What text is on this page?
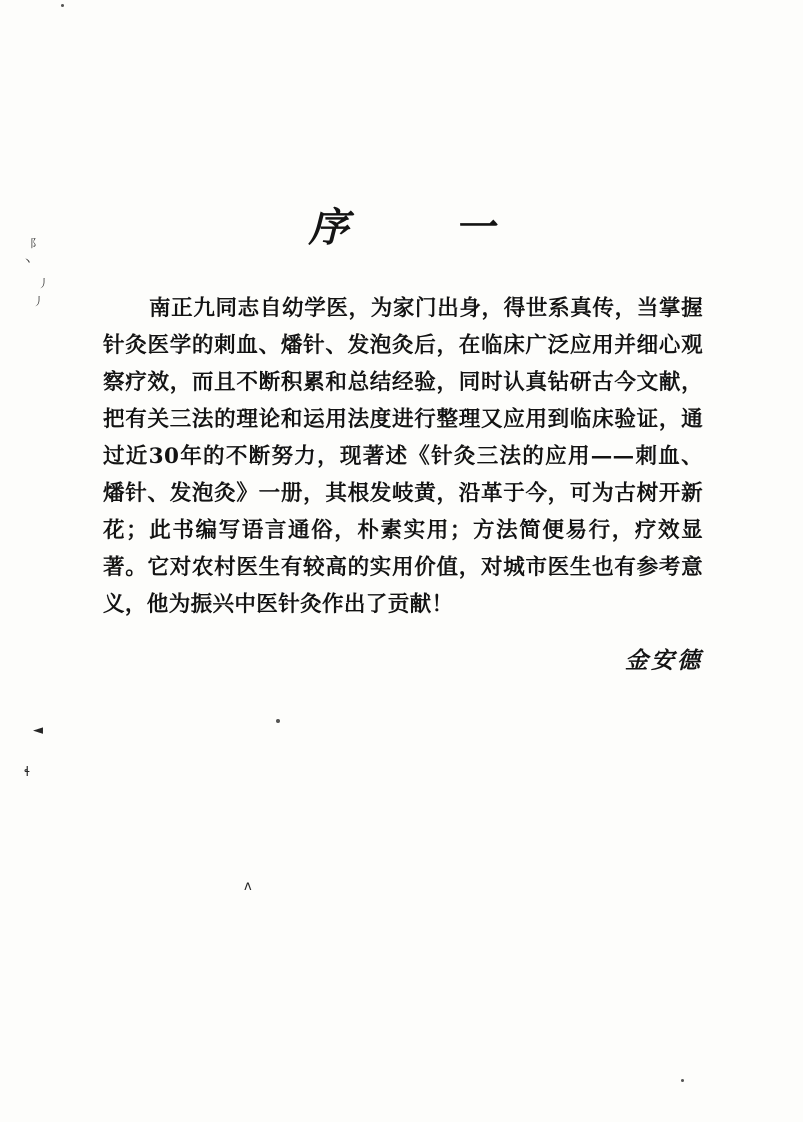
序 一
南正九同志自幼学医，为家门出身，得世系真传，当掌握针灸医学的刺血、燔针、发泡灸后，在临床广泛应用并细心观察疗效，而且不断积累和总结经验，同时认真钻研古今文献，把有关三法的理论和运用法度进行整理又应用到临床验证，通过近30年的不断努力，现著述《针灸三法的应用——刺血、燔针、发泡灸》一册，其根发岐黄，沿革于今，可为古树开新花；此书编写语言通俗，朴素实用；方法简便易行，疗效显著。它对农村医生有较高的实用价值，对城市医生也有参考意义，他为振兴中医针灸作出了贡献！
金安德
阝
丶
丿
丿
◄
ɬ
ʌ
